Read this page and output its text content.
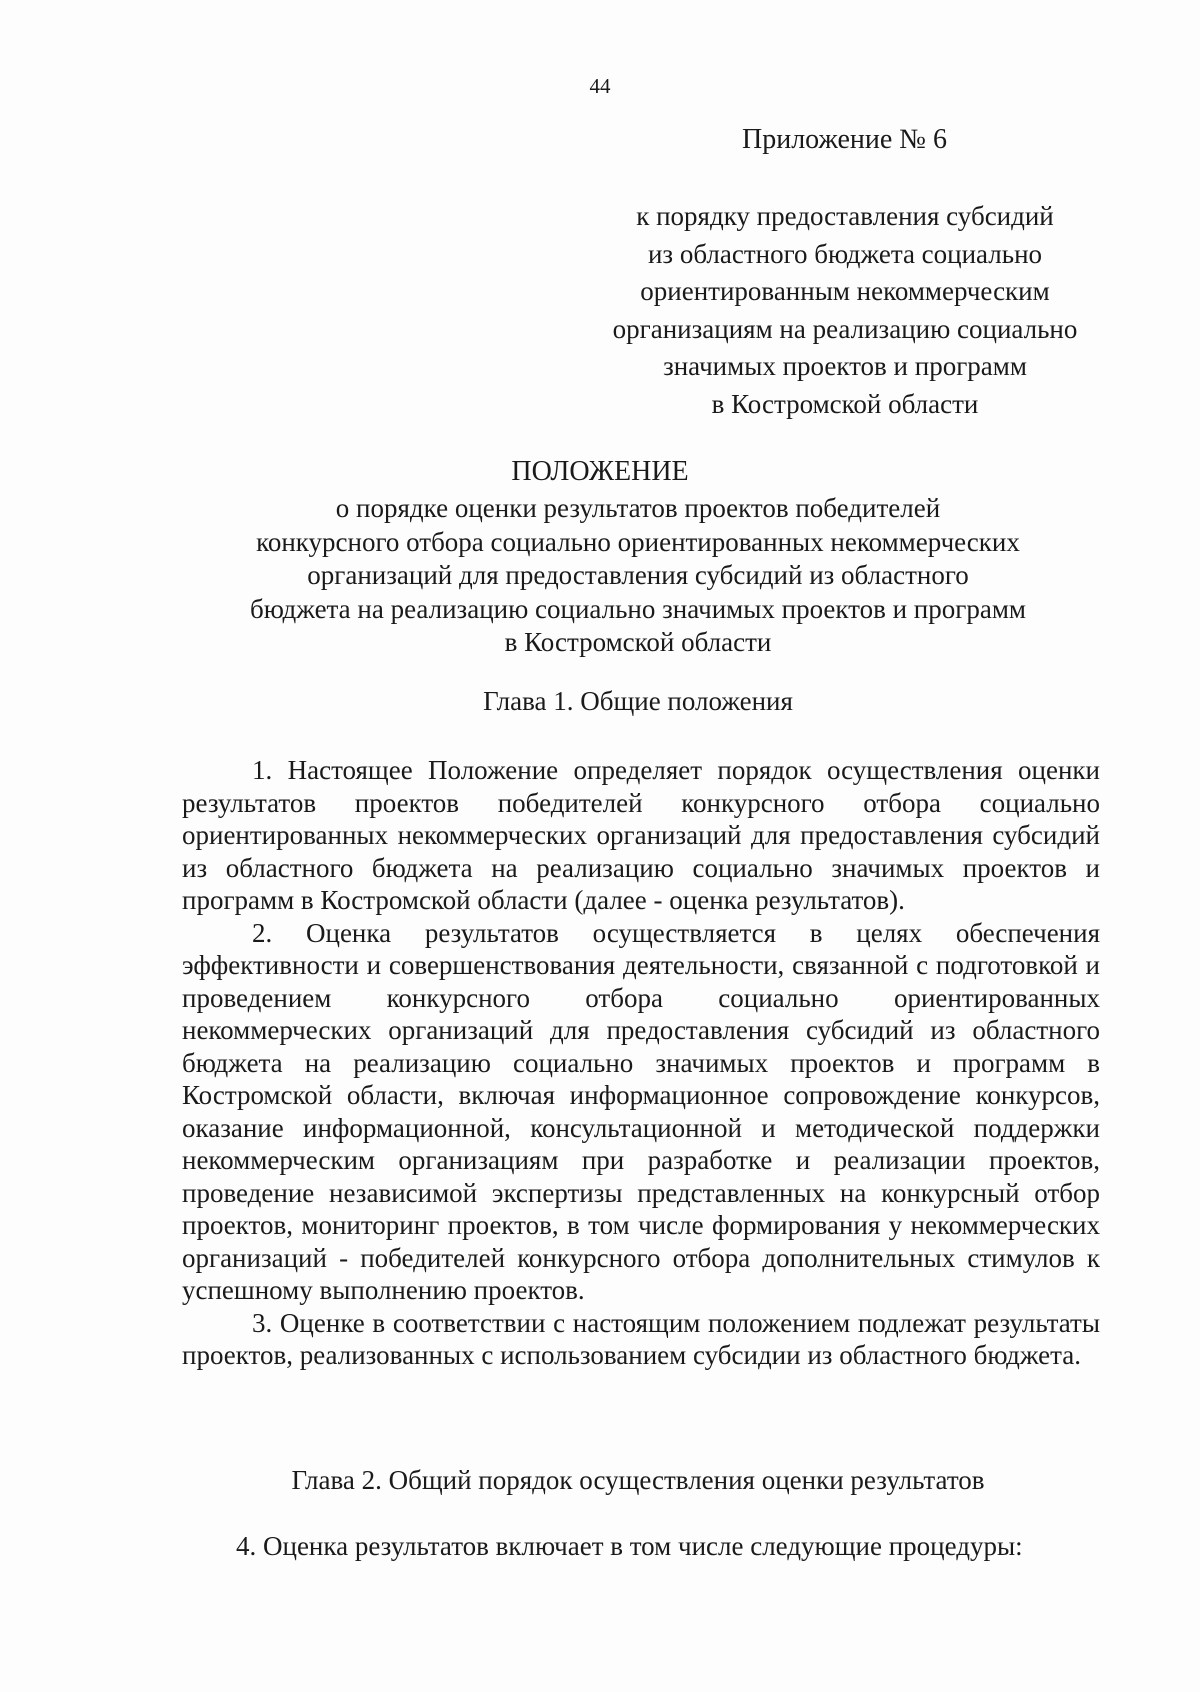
44
Приложение № 6
к порядку предоставления субсидий
из областного бюджета социально
ориентированным некоммерческим
организациям на реализацию социально
значимых проектов и программ
в Костромской области
ПОЛОЖЕНИЕ
о порядке оценки результатов проектов победителей
конкурсного отбора социально ориентированных некоммерческих
организаций для предоставления субсидий из областного
бюджета на реализацию социально значимых проектов и программ
в Костромской области
Глава 1. Общие положения

1. Настоящее Положение определяет порядок осуществления оценки результатов проектов победителей конкурсного отбора социально ориентированных некоммерческих организаций для предоставления субсидий из областного бюджета на реализацию социально значимых проектов и программ в Костромской области (далее - оценка результатов).

2. Оценка результатов осуществляется в целях обеспечения эффективности и совершенствования деятельности, связанной с подготовкой и проведением конкурсного отбора социально ориентированных некоммерческих организаций для предоставления субсидий из областного бюджета на реализацию социально значимых проектов и программ в Костромской области, включая информационное сопровождение конкурсов, оказание информационной, консультационной и методической поддержки некоммерческим организациям при разработке и реализации проектов, проведение независимой экспертизы представленных на конкурсный отбор проектов, мониторинг проектов, в том числе формирования у некоммерческих организаций - победителей конкурсного отбора дополнительных стимулов к успешному выполнению проектов.

3. Оценке в соответствии с настоящим положением подлежат результаты проектов, реализованных с использованием субсидии из областного бюджета.

Глава 2. Общий порядок осуществления оценки результатов
4. Оценка результатов включает в том числе следующие процедуры:
